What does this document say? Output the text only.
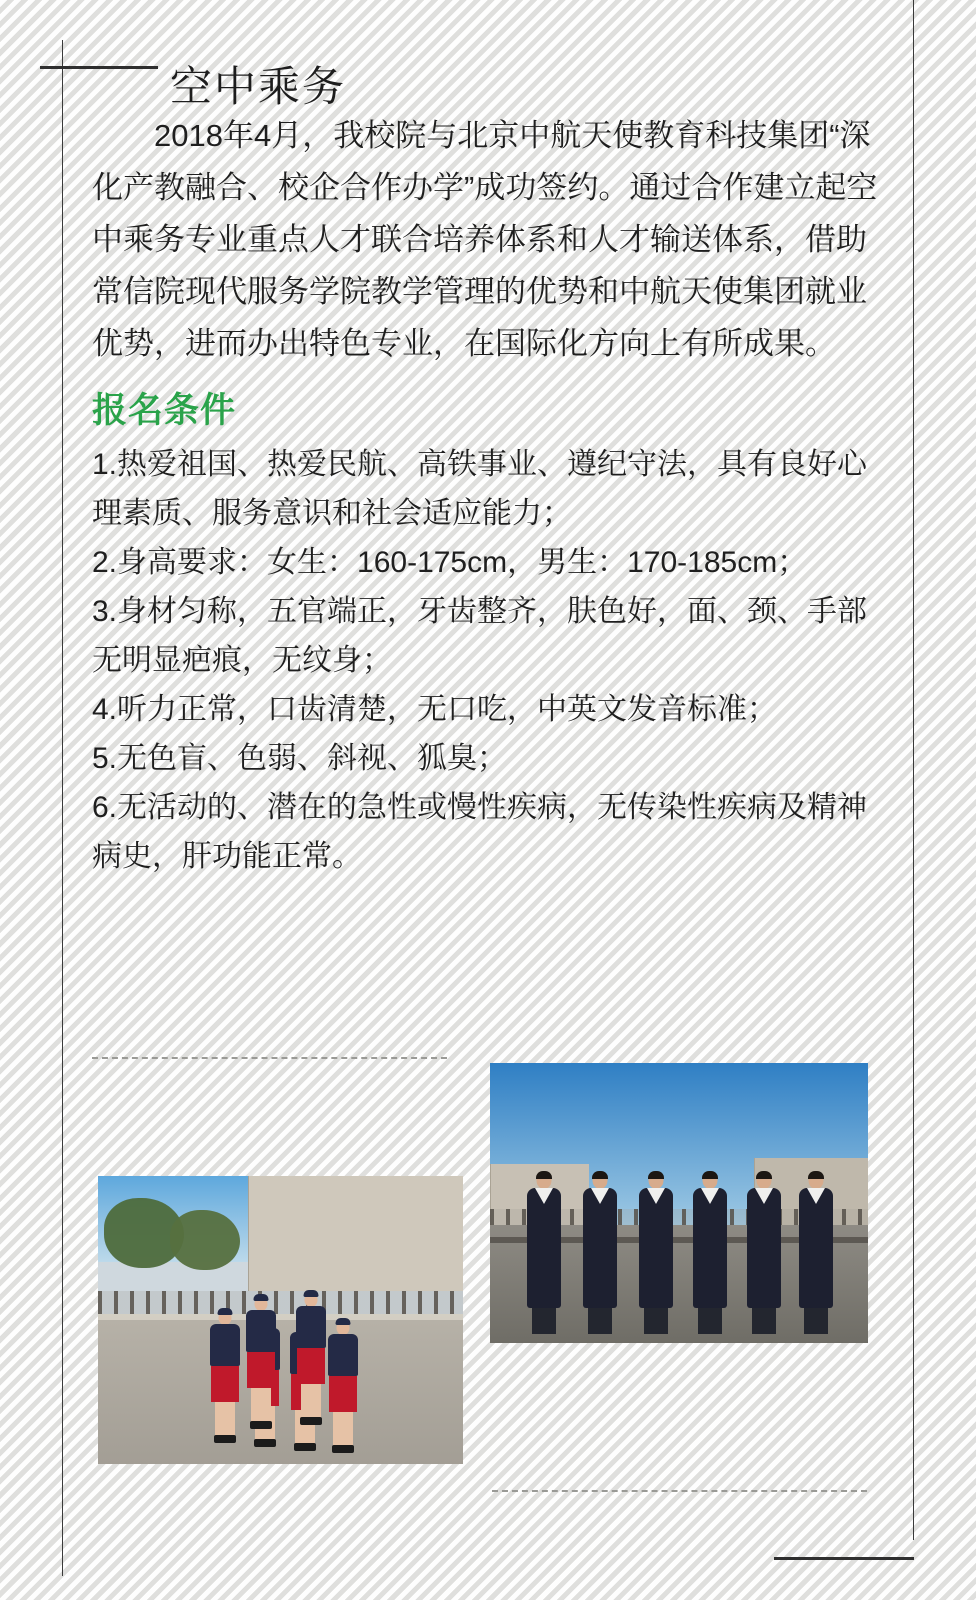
空中乘务

2018年4月，我校院与北京中航天使教育科技集团“深化产教融合、校企合作办学”成功签约。通过合作建立起空中乘务专业重点人才联合培养体系和人才输送体系，借助常信院现代服务学院教学管理的优势和中航天使集团就业优势，进而办出特色专业，在国际化方向上有所成果。

报名条件

1.热爱祖国、热爱民航、高铁事业、遵纪守法，具有良好心理素质、服务意识和社会适应能力；

2.身高要求：女生：160-175cm，男生：170-185cm；

3.身材匀称，五官端正，牙齿整齐，肤色好，面、颈、手部无明显疤痕，无纹身；

4.听力正常，口齿清楚，无口吃，中英文发音标准；

5.无色盲、色弱、斜视、狐臭；

6.无活动的、潜在的急性或慢性疾病，无传染性疾病及精神病史，肝功能正常。
